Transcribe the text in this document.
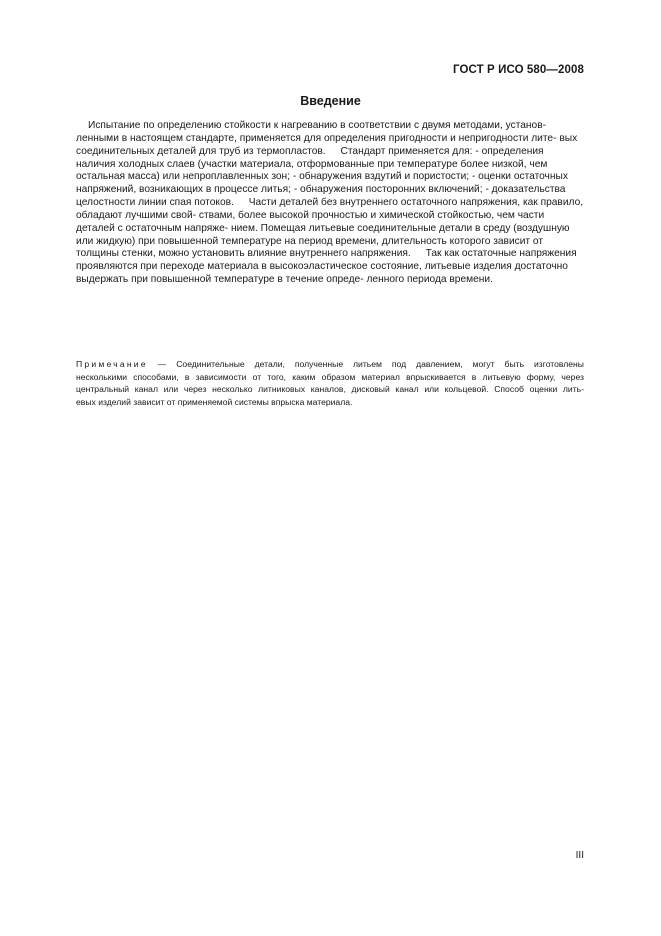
ГОСТ Р ИСО 580—2008
Введение
Испытание по определению стойкости к нагреванию в соответствии с двумя методами, установ- ленными в настоящем стандарте, применяется для определения пригодности и непригодности лите- вых соединительных деталей для труб из термопластов. Стандарт применяется для: - определения наличия холодных слаев (участки материала, отформованные при температуре более низкой, чем остальная масса) или непроплавленных зон; - обнаружения вздутий и пористости; - оценки остаточных напряжений, возникающих в процессе литья; - обнаружения посторонних включений; - доказательства целостности линии спая потоков. Части деталей без внутреннего остаточного напряжения, как правило, обладают лучшими свой- ствами, более высокой прочностью и химической стойкостью, чем части деталей с остаточным напряже- нием. Помещая литьевые соединительные детали в среду (воздушную или жидкую) при повышенной температуре на период времени, длительность которого зависит от толщины стенки, можно установить влияние внутреннего напряжения. Так как остаточные напряжения проявляются при переходе материала в высокоэластическое состояние, литьевые изделия достаточно выдержать при повышенной температуре в течение опреде- ленного периода времени.
Примечание — Соединительные детали, полученные литьем под давлением, могут быть изготовлены
несколькими способами, в зависимости от того, каким образом материал впрыскивается в литьевую форму, через
центральный канал или через несколько литниковых каналов, дисковый канал или кольцевой. Способ оценки лить-
евых изделий зависит от применяемой системы впрыска материала.
III
